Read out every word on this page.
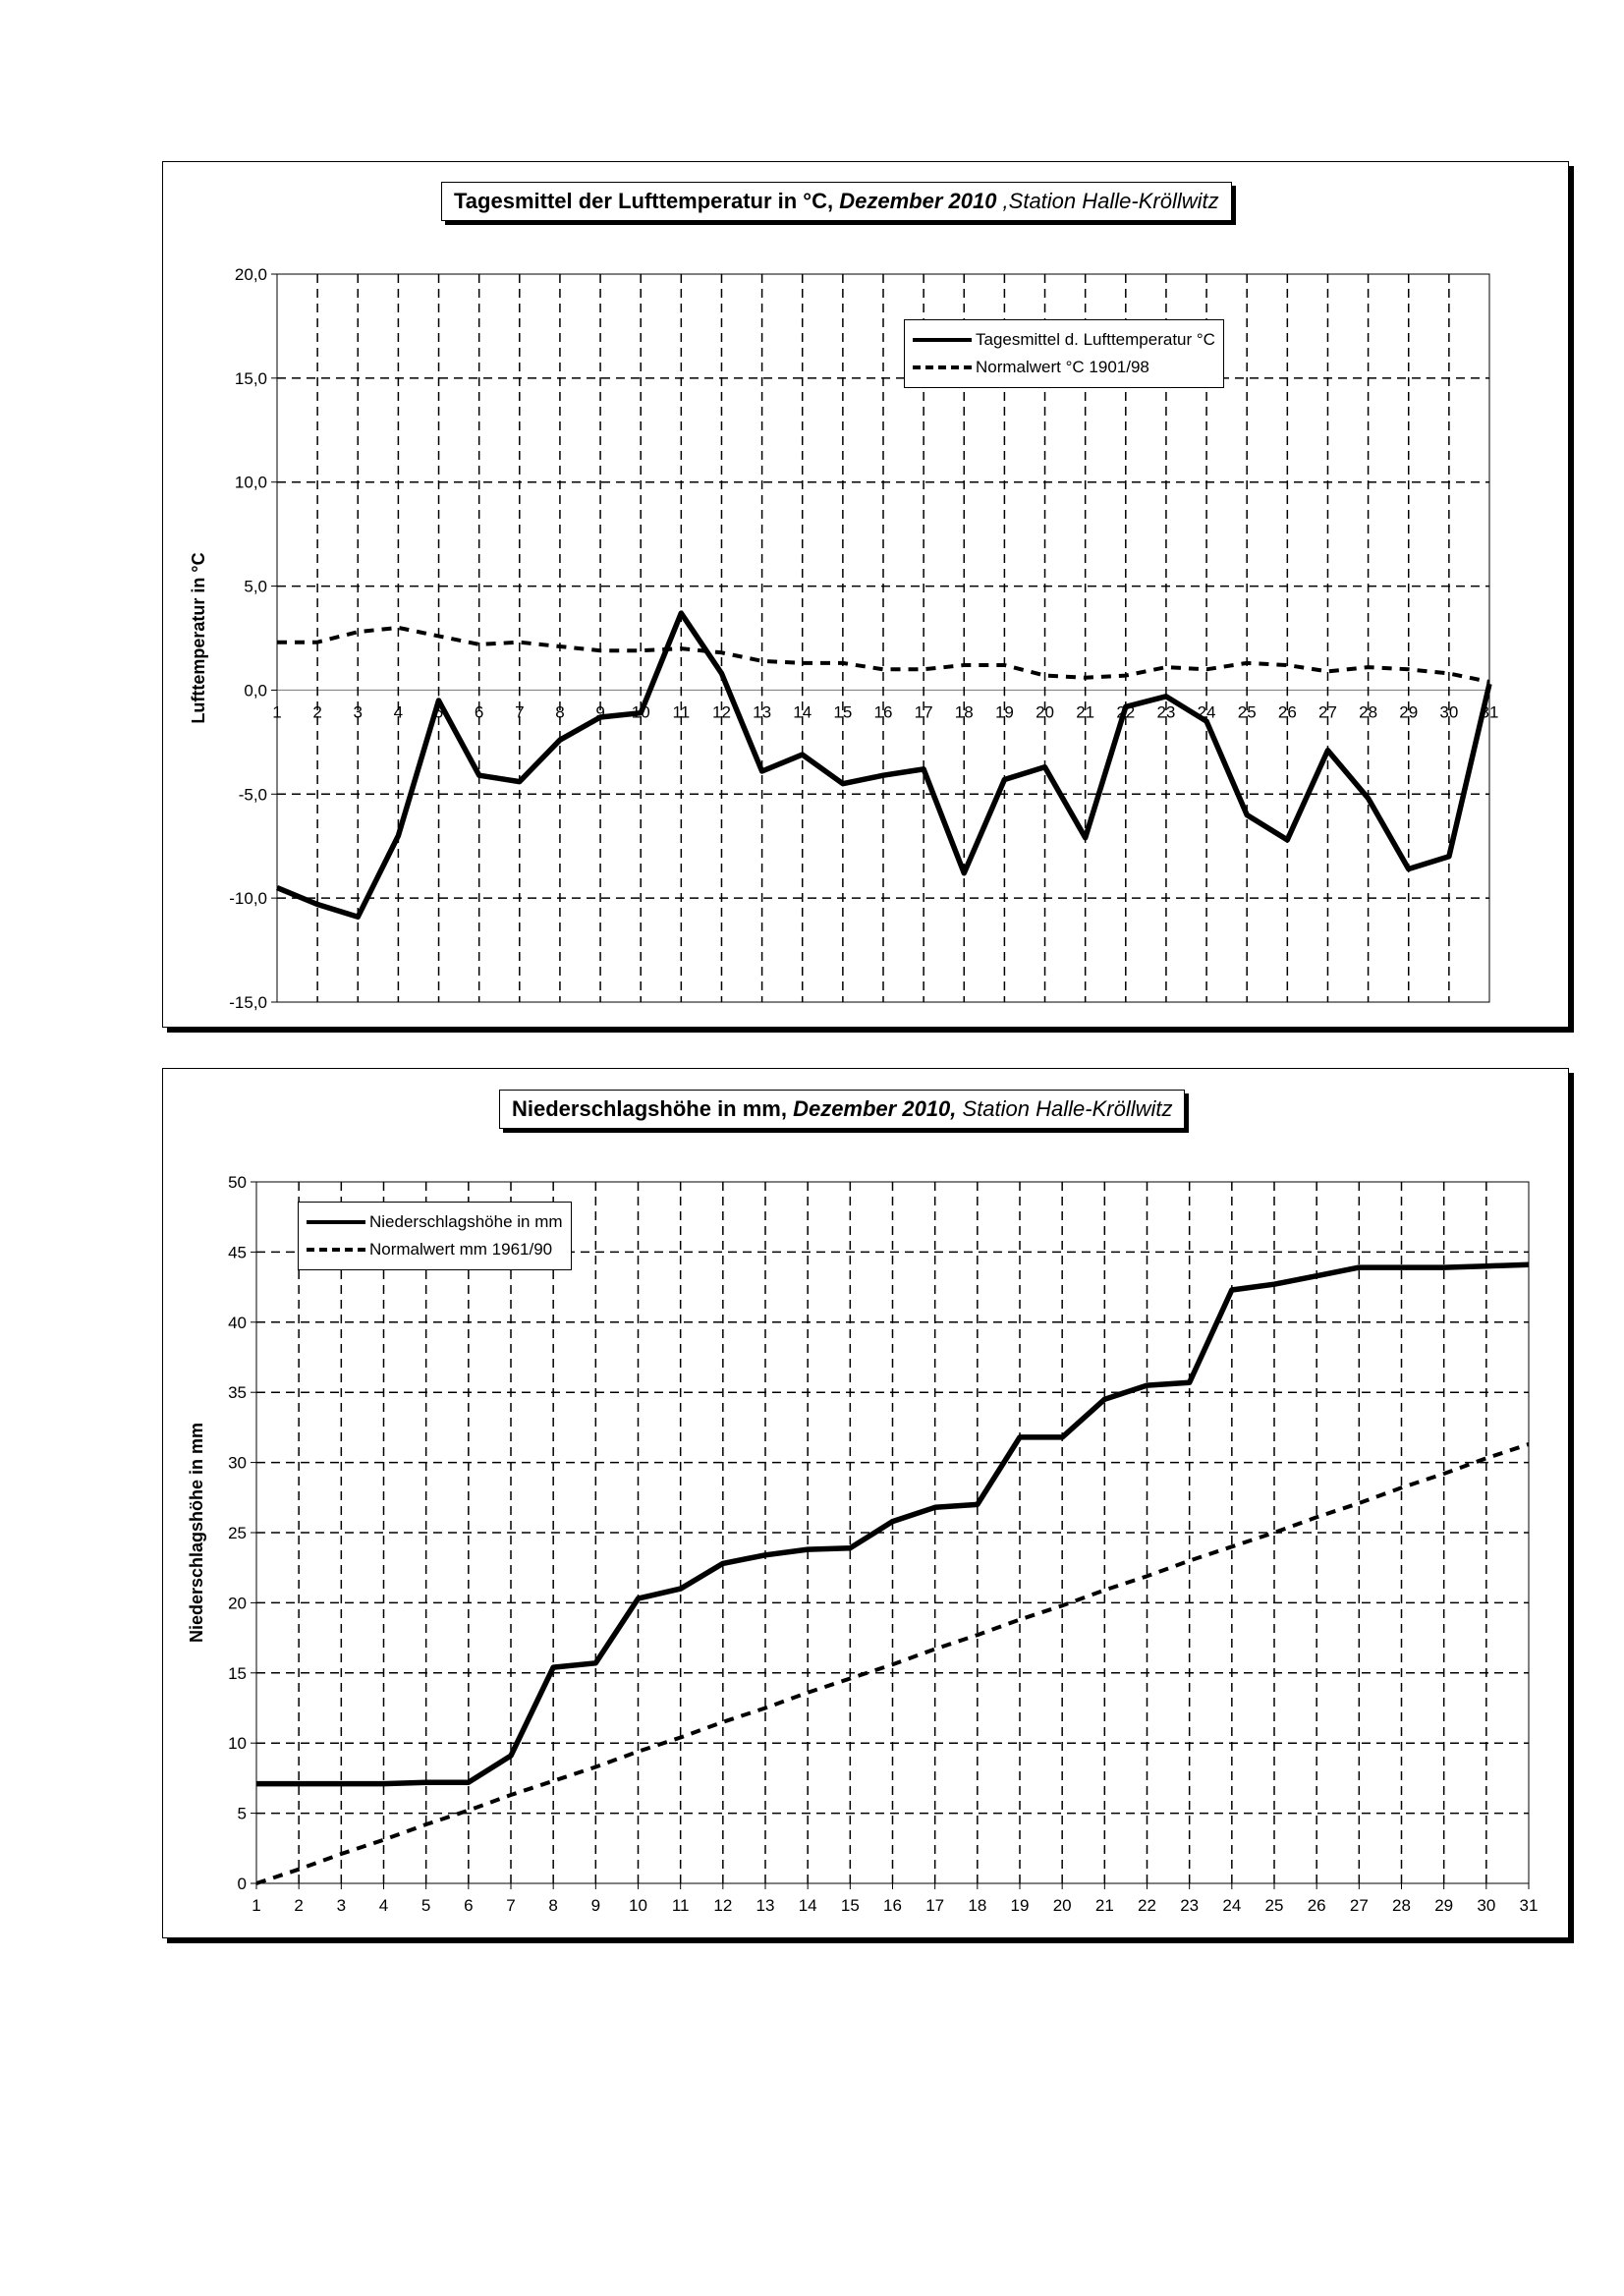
20,0
15,0
10,0
5,0
0,0
-5,0
-10,0
-15,0
1 2 3 4 5 6 7 8 9 10 11 12 13 14 15 16 17 18 19 20 21 22 23 24 25 26 27 28 29 30 31
Lufttemperatur in °C
Tagesmittel der Lufttemperatur in °C, Dezember 2010 ,Station Halle-Kröllwitz
Tagesmittel d. Lufttemperatur °C
Normalwert °C 1901/98
50
45
40
35
30
25
20
15
10
5
0
1 2 3 4 5 6 7 8 9 10 11 12 13 14 15 16 17 18 19 20 21 22 23 24 25 26 27 28 29 30 31
Niederschlagshöhe in mm
Niederschlagshöhe in mm, Dezember 2010, Station Halle-Kröllwitz
Niederschlagshöhe in mm
Normalwert mm 1961/90
